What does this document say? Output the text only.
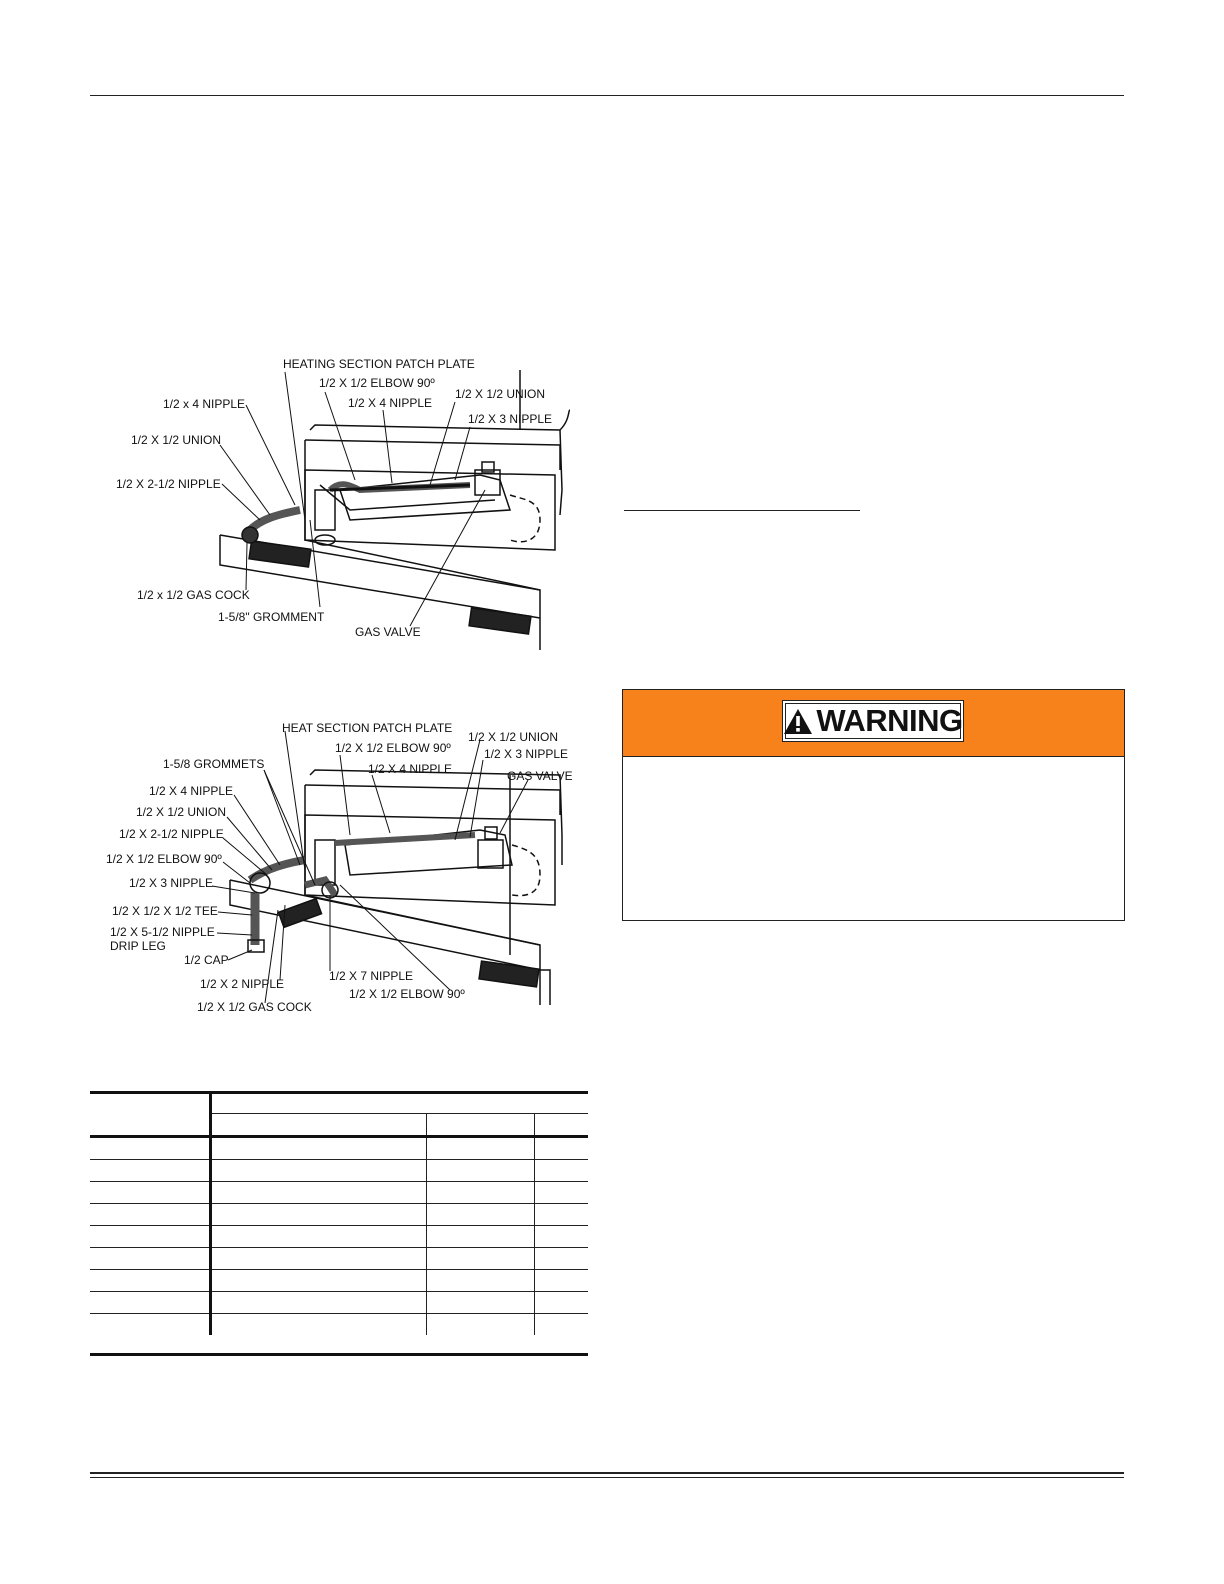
HEATING SECTION PATCH PLATE
1/2 X 1/2 ELBOW 90º
1/2 X 4 NIPPLE
1/2 X 1/2 UNION
1/2 X 3 NIPPLE
1/2 x 4 NIPPLE
1/2 X 1/2 UNION
1/2 X 2-1/2 NIPPLE
1/2 x 1/2 GAS COCK
1-5/8" GROMMENT
GAS VALVE
HEAT SECTION PATCH PLATE
1/2 X 1/2 UNION
1/2 X 1/2 ELBOW 90º	1/2 X 3 NIPPLE
1/2 X 4 NIPPLE	GAS VALVE
1-5/8 GROMMETS
1/2 X 4 NIPPLE
1/2 X 1/2 UNION
1/2 X 2-1/2 NIPPLE
1/2 X 1/2 ELBOW 90º
1/2 X 3 NIPPLE
1/2 X 1/2 X 1/2 TEE
1/2 X 5-1/2 NIPPLE
DRIP LEG
1/2 CAP
1/2 X 2 NIPPLE
1/2 X 1/2 GAS COCK
1/2 X 7 NIPPLE
1/2 X 1/2 ELBOW 90º

WARNING
